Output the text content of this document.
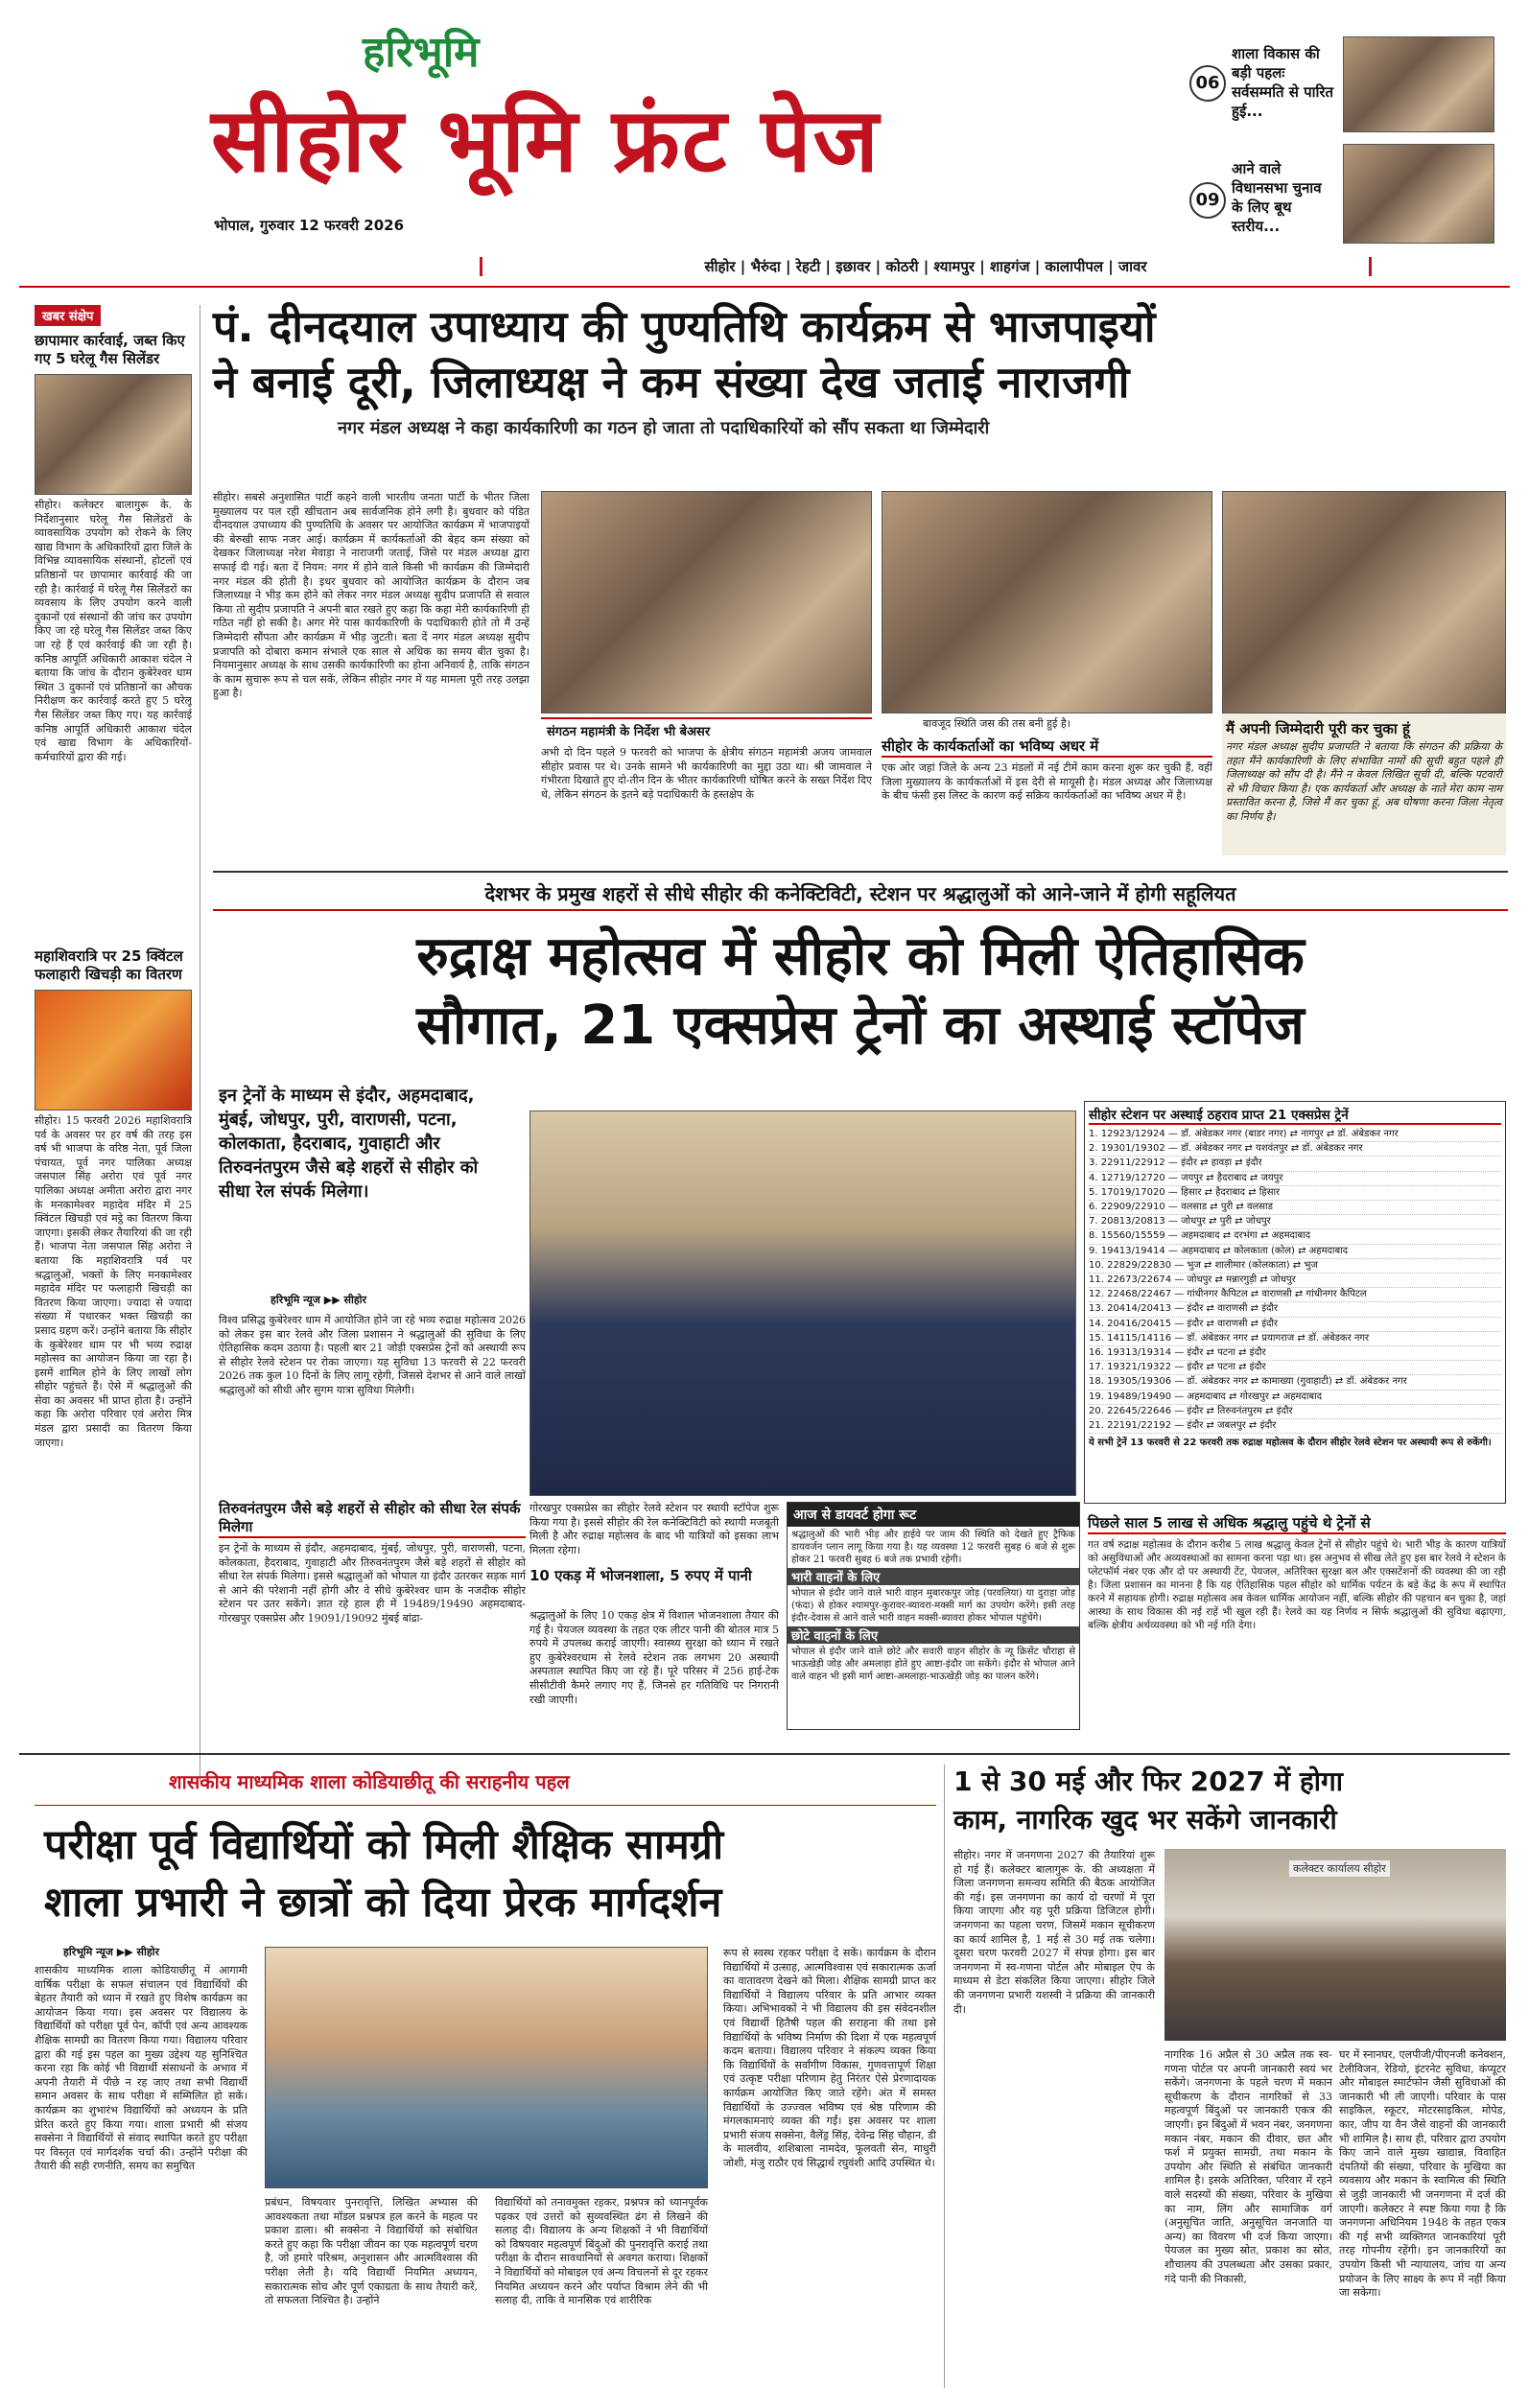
हरिभूमि
सीहोर भूमि फ्रंट पेज
भोपाल, गुरुवार 12 फरवरी 2026
सीहोर | भैरुंदा | रेहटी | इछावर | कोठरी | श्यामपुर | शाहगंज | कालापीपल | जावर
06
शाला विकास की बड़ी पहलः सर्वसम्मति से पारित हुई...
09
आने वाले विधानसभा चुनाव के लिए बूथ स्तरीय...
खबर संक्षेप
छापामार कार्रवाई, जब्त किए गए 5 घरेलू गैस सिलेंडर
सीहोर। कलेक्टर बालागुरू के. के निर्देशानुसार घरेलू गैस सिलेंडरों के व्यावसायिक उपयोग को रोकने के लिए खाद्य विभाग के अधिकारियों द्वारा जिले के विभिन्न व्यावसायिक संस्थानों, होटलों एवं प्रतिष्ठानों पर छापामार कार्रवाई की जा रही है। कार्रवाई में घरेलू गैस सिलेंडरों का व्यवसाय के लिए उपयोग करने वाली दुकानों एवं संस्थानों की जांच कर उपयोग किए जा रहे घरेलू गैस सिलेंडर जब्त किए जा रहे हैं एवं कार्रवाई की जा रही है। कनिष्ठ आपूर्ति अधिकारी आकाश चंदेल ने बताया कि जांच के दौरान कुबेरेश्वर धाम स्थित 3 दुकानों एवं प्रतिष्ठानों का औचक निरीक्षण कर कार्रवाई करते हुए 5 घरेलू गैस सिलेंडर जब्त किए गए। यह कार्रवाई कनिष्ठ आपूर्ति अधिकारी आकाश चंदेल एवं खाद्य विभाग के अधिकारियों-कर्मचारियों द्वारा की गई।
महाशिवरात्रि पर 25 क्विंटल फलाहारी खिचड़ी का वितरण
सीहोर। 15 फरवरी 2026 महाशिवरात्रि पर्व के अवसर पर हर वर्ष की तरह इस वर्ष भी भाजपा के वरिष्ठ नेता, पूर्व जिला पंचायत, पूर्व नगर पालिका अध्यक्ष जसपाल सिंह अरोरा एवं पूर्व नगर पालिका अध्यक्ष अमीता अरोरा द्वारा नगर के मनकामेश्वर महादेव मंदिर में 25 क्विंटल खिचड़ी एवं मट्ठे का वितरण किया जाएगा। इसकी लेकर तैयारियां की जा रही हैं। भाजपा नेता जसपाल सिंह अरोरा ने बताया कि महाशिवरात्रि पर्व पर श्रद्धालुओं, भक्तों के लिए मनकामेश्वर महादेव मंदिर पर फलाहारी खिचड़ी का वितरण किया जाएगा। ज्यादा से ज्यादा संख्या में पधारकर भक्त खिचड़ी का प्रसाद ग्रहण करें। उन्होंने बताया कि सीहोर के कुबेरेश्वर धाम पर भी भव्य रुद्राक्ष महोत्सव का आयोजन किया जा रहा है। इसमें शामिल होने के लिए लाखों लोग सीहोर पहुंचते हैं। ऐसे में श्रद्धालुओं की सेवा का अवसर भी प्राप्त होता है। उन्होंने कहा कि अरोरा परिवार एवं अरोरा मित्र मंडल द्वारा प्रसादी का वितरण किया जाएगा।
पं. दीनदयाल उपाध्याय की पुण्यतिथि कार्यक्रम से भाजपाइयों
ने बनाई दूरी, जिलाध्यक्ष ने कम संख्या देख जताई नाराजगी
नगर मंडल अध्यक्ष ने कहा कार्यकारिणी का गठन हो जाता तो पदाधिकारियों को सौंप सकता था जिम्मेदारी
सीहोर। सबसे अनुशासित पार्टी कहने वाली भारतीय जनता पार्टी के भीतर जिला मुख्यालय पर पल रही खींचतान अब सार्वजनिक होने लगी है। बुधवार को पंडित दीनदयाल उपाध्याय की पुण्यतिथि के अवसर पर आयोजित कार्यक्रम में भाजपाइयों की बेरुखी साफ नजर आई। कार्यक्रम में कार्यकर्ताओं की बेहद कम संख्या को देखकर जिलाध्यक्ष नरेश मेवाड़ा ने नाराजगी जताई, जिसे पर मंडल अध्यक्ष द्वारा सफाई दी गई। बता दें नियम: नगर में होने वाले किसी भी कार्यक्रम की जिम्मेदारी नगर मंडल की होती है। इधर बुधवार को आयोजित कार्यक्रम के दौरान जब जिलाध्यक्ष ने भीड़ कम होने को लेकर नगर मंडल अध्यक्ष सुदीप प्रजापति से सवाल किया तो सुदीप प्रजापति ने अपनी बात रखते हुए कहा कि कहा मेरी कार्यकारिणी ही गठित नहीं हो सकी है। अगर मेरे पास कार्यकारिणी के पदाधिकारी होते तो मैं उन्हें जिम्मेदारी सौंपता और कार्यक्रम में भीड़ जुटती। बता दें नगर मंडल अध्यक्ष सुदीप प्रजापति को दोबारा कमान संभाले एक साल से अधिक का समय बीत चुका है। नियमानुसार अध्यक्ष के साथ उसकी कार्यकारिणी का होना अनिवार्य है, ताकि संगठन के काम सुचारू रूप से चल सकें, लेकिन सीहोर नगर में यह मामला पूरी तरह उलझा हुआ है।
संगठन महामंत्री के निर्देश भी बेअसर
अभी दो दिन पहले 9 फरवरी को भाजपा के क्षेत्रीय संगठन महामंत्री अजय जामवाल सीहोर प्रवास पर थे। उनके सामने भी कार्यकारिणी का मुद्दा उठा था। श्री जामवाल ने गंभीरता दिखाते हुए दो-तीन दिन के भीतर कार्यकारिणी घोषित करने के सख्त निर्देश दिए थे, लेकिन संगठन के इतने बड़े पदाधिकारी के हस्तक्षेप के
बावजूद स्थिति जस की तस बनी हुई है।
सीहोर के कार्यकर्ताओं का भविष्य अधर में
एक ओर जहां जिले के अन्य 23 मंडलों में नई टीमें काम करना शुरू कर चुकी हैं, वहीं जिला मुख्यालय के कार्यकर्ताओं में इस देरी से मायूसी है। मंडल अध्यक्ष और जिलाध्यक्ष के बीच फंसी इस लिस्ट के कारण कई सक्रिय कार्यकर्ताओं का भविष्य अधर में है।
मैं अपनी जिम्मेदारी पूरी कर चुका हूं
नगर मंडल अध्यक्ष सुदीप प्रजापति ने बताया कि संगठन की प्रक्रिया के तहत मैंने कार्यकारिणी के लिए संभावित नामों की सूची बहुत पहले ही जिलाध्यक्ष को सौंप दी है। मैंने न केवल लिखित सूची दी, बल्कि पटवारी से भी विचार किया है। एक कार्यकर्ता और अध्यक्ष के नाते मेरा काम नाम प्रस्तावित करना है, जिसे मैं कर चुका हूं, अब घोषणा करना जिला नेतृत्व का निर्णय है।
देशभर के प्रमुख शहरों से सीधे सीहोर की कनेक्टिविटी, स्टेशन पर श्रद्धालुओं को आने-जाने में होगी सहूलियत
रुद्राक्ष महोत्सव में सीहोर को मिली ऐतिहासिक
सौगात, 21 एक्सप्रेस ट्रेनों का अस्थाई स्टॉपेज
इन ट्रेनों के माध्यम से इंदौर, अहमदाबाद, मुंबई, जोधपुर, पुरी, वाराणसी, पटना, कोलकाता, हैदराबाद, गुवाहाटी और तिरुवनंतपुरम जैसे बड़े शहरों से सीहोर को सीधा रेल संपर्क मिलेगा।
हरिभूमि न्यूज ▶▶ सीहोर
विश्व प्रसिद्ध कुबेरेश्वर धाम में आयोजित होने जा रहे भव्य रुद्राक्ष महोत्सव 2026 को लेकर इस बार रेलवे और जिला प्रशासन ने श्रद्धालुओं की सुविधा के लिए ऐतिहासिक कदम उठाया है। पहली बार 21 जोड़ी एक्सप्रेस ट्रेनों को अस्थायी रूप से सीहोर रेलवे स्टेशन पर रोका जाएगा। यह सुविधा 13 फरवरी से 22 फरवरी 2026 तक कुल 10 दिनों के लिए लागू रहेगी, जिससे देशभर से आने वाले लाखों श्रद्धालुओं को सीधी और सुगम यात्रा सुविधा मिलेगी।
तिरुवनंतपुरम जैसे बड़े शहरों से सीहोर को सीधा रेल संपर्क मिलेगा
इन ट्रेनों के माध्यम से इंदौर, अहमदाबाद, मुंबई, जोधपुर, पुरी, वाराणसी, पटना, कोलकाता, हैदराबाद, गुवाहाटी और तिरुवनंतपुरम जैसे बड़े शहरों से सीहोर को सीधा रेल संपर्क मिलेगा। इससे श्रद्धालुओं को भोपाल या इंदौर उतरकर सड़क मार्ग से आने की परेशानी नहीं होगी और वे सीधे कुबेरेश्वर धाम के नजदीक सीहोर स्टेशन पर उतर सकेंगे। ज्ञात रहे हाल ही में 19489/19490 अहमदाबाद-गोरखपुर एक्सप्रेस और 19091/19092 मुंबई बांद्रा-
गोरखपुर एक्सप्रेस का सीहोर रेलवे स्टेशन पर स्थायी स्टॉपेज शुरू किया गया है। इससे सीहोर की रेल कनेक्टिविटी को स्थायी मजबूती मिली है और रुद्राक्ष महोत्सव के बाद भी यात्रियों को इसका लाभ मिलता रहेगा।
10 एकड़ में भोजनशाला, 5 रुपए में पानी
श्रद्धालुओं के लिए 10 एकड़ क्षेत्र में विशाल भोजनशाला तैयार की गई है। पेयजल व्यवस्था के तहत एक लीटर पानी की बोतल मात्र 5 रुपये में उपलब्ध कराई जाएगी। स्वास्थ्य सुरक्षा को ध्यान में रखते हुए कुबेरेश्वरधाम से रेलवे स्टेशन तक लगभग 20 अस्थायी अस्पताल स्थापित किए जा रहे हैं। पूरे परिसर में 256 हाई-टेक सीसीटीवी कैमरे लगाए गए हैं, जिनसे हर गतिविधि पर निगरानी रखी जाएगी।
आज से डायवर्ट होगा रूट
श्रद्धालुओं की भारी भीड़ और हाईवे पर जाम की स्थिति को देखते हुए ट्रैफिक डायवर्जन प्लान लागू किया गया है। यह व्यवस्था 12 फरवरी सुबह 6 बजे से शुरू होकर 21 फरवरी सुबह 6 बजे तक प्रभावी रहेगी।
भारी वाहनों के लिए
भोपाल से इंदौर जाने वाले भारी वाहन मुबारकपुर जोड़ (परवलिया) या दुराहा जोड़ (फंदा) से होकर श्यामपुर-कुरावर-ब्यावरा-मक्सी मार्ग का उपयोग करेंगे। इसी तरह इंदौर-देवास से आने वाले भारी वाहन मक्सी-ब्यावरा होकर भोपाल पहुंचेंगे।
छोटे वाहनों के लिए
भोपाल से इंदौर जाने वाले छोटे और सवारी वाहन सीहोर के न्यू क्रिसेंट चौराहा से भाऊखेड़ी जोड़ और अमलाहा होते हुए आष्टा-इंदौर जा सकेंगे। इंदौर से भोपाल आने वाले वाहन भी इसी मार्ग आष्टा-अमलाहा-भाऊखेड़ी जोड़ का पालन करेंगे।
सीहोर स्टेशन पर अस्थाई ठहराव प्राप्त 21 एक्सप्रेस ट्रेनें
1. 12923/12924 — डॉ. अंबेडकर नगर (बाडर नगर) ⇄ नागपुर ⇄ डॉ. अंबेडकर नगर
2. 19301/19302 — डॉ. अंबेडकर नगर ⇄ यशवंतपुर ⇄ डॉ. अंबेडकर नगर
3. 22911/22912 — इंदौर ⇄ हावड़ा ⇄ इंदौर
4. 12719/12720 — जयपुर ⇄ हैदराबाद ⇄ जयपुर
5. 17019/17020 — हिसार ⇄ हैदराबाद ⇄ हिसार
6. 22909/22910 — वलसाड ⇄ पुरी ⇄ वलसाड
7. 20813/20813 — जोधपुर ⇄ पुरी ⇄ जोधपुर
8. 15560/15559 — अहमदाबाद ⇄ दरभंगा ⇄ अहमदाबाद
9. 19413/19414 — अहमदाबाद ⇄ कोलकाता (कोल) ⇄ अहमदाबाद
10. 22829/22830 — भुज ⇄ शालीमार (कोलकाता) ⇄ भुज
11. 22673/22674 — जोधपुर ⇄ मन्नारगुड़ी ⇄ जोधपुर
12. 22468/22467 — गांधीनगर कैपिटल ⇄ वाराणसी ⇄ गांधीनगर कैपिटल
13. 20414/20413 — इंदौर ⇄ वाराणसी ⇄ इंदौर
14. 20416/20415 — इंदौर ⇄ वाराणसी ⇄ इंदौर
15. 14115/14116 — डॉ. अंबेडकर नगर ⇄ प्रयागराज ⇄ डॉ. अंबेडकर नगर
16. 19313/19314 — इंदौर ⇄ पटना ⇄ इंदौर
17. 19321/19322 — इंदौर ⇄ पटना ⇄ इंदौर
18. 19305/19306 — डॉ. अंबेडकर नगर ⇄ कामाख्या (गुवाहाटी) ⇄ डॉ. अंबेडकर नगर
19. 19489/19490 — अहमदाबाद ⇄ गोरखपुर ⇄ अहमदाबाद
20. 22645/22646 — इंदौर ⇄ तिरुवनंतपुरम ⇄ इंदौर
21. 22191/22192 — इंदौर ⇄ जबलपुर ⇄ इंदौर
ये सभी ट्रेनें 13 फरवरी से 22 फरवरी तक रुद्राक्ष महोत्सव के दौरान सीहोर रेलवे स्टेशन पर अस्थायी रूप से रुकेंगी।
पिछले साल 5 लाख से अधिक श्रद्धालु पहुंचे थे ट्रेनों से
गत वर्ष रुद्राक्ष महोत्सव के दौरान करीब 5 लाख श्रद्धालु केवल ट्रेनों से सीहोर पहुंचे थे। भारी भीड़ के कारण यात्रियों को असुविधाओं और अव्यवस्थाओं का सामना करना पड़ा था। इस अनुभव से सीख लेते हुए इस बार रेलवे ने स्टेशन के प्लेटफॉर्म नंबर एक और दो पर अस्थायी टेंट, पेयजल, अतिरिक्त सुरक्षा बल और एक्सटेंशनों की व्यवस्था की जा रही है। जिला प्रशासन का मानना है कि यह ऐतिहासिक पहल सीहोर को धार्मिक पर्यटन के बड़े केंद्र के रूप में स्थापित करने में सहायक होगी। रुद्राक्ष महोत्सव अब केवल धार्मिक आयोजन नहीं, बल्कि सीहोर की पहचान बन चुका है, जहां आस्था के साथ विकास की नई राहें भी खुल रही हैं। रेलवे का यह निर्णय न सिर्फ श्रद्धालुओं की सुविधा बढ़ाएगा, बल्कि क्षेत्रीय अर्थव्यवस्था को भी नई गति देगा।
शासकीय माध्यमिक शाला कोडियाछीतू की सराहनीय पहल
परीक्षा पूर्व विद्यार्थियों को मिली शैक्षिक सामग्री
शाला प्रभारी ने छात्रों को दिया प्रेरक मार्गदर्शन
हरिभूमि न्यूज ▶▶ सीहोर
शासकीय माध्यमिक शाला कोडियाछीतू में आगामी वार्षिक परीक्षा के सफल संचालन एवं विद्यार्थियों की बेहतर तैयारी को ध्यान में रखते हुए विशेष कार्यक्रम का आयोजन किया गया। इस अवसर पर विद्यालय के विद्यार्थियों को परीक्षा पूर्व पेन, कॉपी एवं अन्य आवश्यक शैक्षिक सामग्री का वितरण किया गया। विद्यालय परिवार द्वारा की गई इस पहल का मुख्य उद्देश्य यह सुनिश्चित करना रहा कि कोई भी विद्यार्थी संसाधनों के अभाव में अपनी तैयारी में पीछे न रह जाए तथा सभी विद्यार्थी समान अवसर के साथ परीक्षा में सम्मिलित हो सकें। कार्यक्रम का शुभारंभ विद्यार्थियों को अध्ययन के प्रति प्रेरित करते हुए किया गया। शाला प्रभारी श्री संजय सक्सेना ने विद्यार्थियों से संवाद स्थापित करते हुए परीक्षा पर विस्तृत एवं मार्गदर्शक चर्चा की। उन्होंने परीक्षा की तैयारी की सही रणनीति, समय का समुचित
प्रबंधन, विषयवार पुनरावृत्ति, लिखित अभ्यास की आवश्यकता तथा मॉडल प्रश्नपत्र हल करने के महत्व पर प्रकाश डाला। श्री सक्सेना ने विद्यार्थियों को संबोधित करते हुए कहा कि परीक्षा जीवन का एक महत्वपूर्ण चरण है, जो हमारे परिश्रम, अनुशासन और आत्मविश्वास की परीक्षा लेती है। यदि विद्यार्थी नियमित अध्ययन, सकारात्मक सोच और पूर्ण एकाग्रता के साथ तैयारी करें, तो सफलता निश्चित है। उन्होंने
विद्यार्थियों को तनावमुक्त रहकर, प्रश्नपत्र को ध्यानपूर्वक पढ़कर एवं उत्तरों को सुव्यवस्थित ढंग से लिखने की सलाह दी। विद्यालय के अन्य शिक्षकों ने भी विद्यार्थियों को विषयवार महत्वपूर्ण बिंदुओं की पुनरावृत्ति कराई तथा परीक्षा के दौरान सावधानियों से अवगत कराया। शिक्षकों ने विद्यार्थियों को मोबाइल एवं अन्य विचलनों से दूर रहकर नियमित अध्ययन करने और पर्याप्त विश्राम लेने की भी सलाह दी, ताकि वे मानसिक एवं शारीरिक
रूप से स्वस्थ रहकर परीक्षा दे सकें। कार्यक्रम के दौरान विद्यार्थियों में उत्साह, आत्मविश्वास एवं सकारात्मक ऊर्जा का वातावरण देखने को मिला। शैक्षिक सामग्री प्राप्त कर विद्यार्थियों ने विद्यालय परिवार के प्रति आभार व्यक्त किया। अभिभावकों ने भी विद्यालय की इस संवेदनशील एवं विद्यार्थी हितैषी पहल की सराहना की तथा इसे विद्यार्थियों के भविष्य निर्माण की दिशा में एक महत्वपूर्ण कदम बताया। विद्यालय परिवार ने संकल्प व्यक्त किया कि विद्यार्थियों के सर्वांगीण विकास, गुणवत्तापूर्ण शिक्षा एवं उत्कृष्ट परीक्षा परिणाम हेतु निरंतर ऐसे प्रेरणादायक कार्यक्रम आयोजित किए जाते रहेंगे। अंत में समस्त विद्यार्थियों के उज्ज्वल भविष्य एवं श्रेष्ठ परिणाम की मंगलकामनाएं व्यक्त की गईं। इस अवसर पर शाला प्रभारी संजय सक्सेना, वैलेंड्र सिंह, देवेन्द्र सिंह चौहान, डी के मालवीय, शशिबाला नामदेव, फूलवती सेन, माधुरी जोशी, मंजु राठौर एवं सिद्धार्थ रघुवंशी आदि उपस्थित थे।
1 से 30 मई और फिर 2027 में होगा
काम, नागरिक खुद भर सकेंगे जानकारी
सीहोर। नगर में जनगणना 2027 की तैयारियां शुरू हो गई हैं। कलेक्टर बालागुरू के. की अध्यक्षता में जिला जनगणना समन्वय समिति की बैठक आयोजित की गई। इस जनगणना का कार्य दो चरणों में पूरा किया जाएगा और यह पूरी प्रक्रिया डिजिटल होगी। जनगणना का पहला चरण, जिसमें मकान सूचीकरण का कार्य शामिल है, 1 मई से 30 मई तक चलेगा। दूसरा चरण फरवरी 2027 में संपन्न होगा। इस बार जनगणना में स्व-गणना पोर्टल और मोबाइल ऐप के माध्यम से डेटा संकलित किया जाएगा। सीहोर जिले की जनगणना प्रभारी यशस्वी ने प्रक्रिया की जानकारी दी।
कलेक्टर कार्यालय सीहोर
नागरिक 16 अप्रैल से 30 अप्रैल तक स्व-गणना पोर्टल पर अपनी जानकारी स्वयं भर सकेंगे। जनगणना के पहले चरण में मकान सूचीकरण के दौरान नागरिकों से 33 महत्वपूर्ण बिंदुओं पर जानकारी एकत्र की जाएगी। इन बिंदुओं में भवन नंबर, जनगणना मकान नंबर, मकान की दीवार, छत और फर्श में प्रयुक्त सामग्री, तथा मकान के उपयोग और स्थिति से संबंधित जानकारी शामिल है। इसके अतिरिक्त, परिवार में रहने वाले सदस्यों की संख्या, परिवार के मुखिया का नाम, लिंग और सामाजिक वर्ग (अनुसूचित जाति, अनुसूचित जनजाति या अन्य) का विवरण भी दर्ज किया जाएगा। पेयजल का मुख्य स्रोत, प्रकाश का स्रोत, शौचालय की उपलब्धता और उसका प्रकार, गंदे पानी की निकासी,
घर में स्नानघर, एलपीजी/पीएनजी कनेक्शन, टेलीविजन, रेडियो, इंटरनेट सुविधा, कंप्यूटर और मोबाइल स्मार्टफोन जैसी सुविधाओं की जानकारी भी ली जाएगी। परिवार के पास साइकिल, स्कूटर, मोटरसाइकिल, मोपेड, कार, जीप या वैन जैसे वाहनों की जानकारी भी शामिल है। साथ ही, परिवार द्वारा उपयोग किए जाने वाले मुख्य खाद्यान्न, विवाहित दंपतियों की संख्या, परिवार के मुखिया का व्यवसाय और मकान के स्वामित्व की स्थिति से जुड़ी जानकारी भी जनगणना में दर्ज की जाएगी। कलेक्टर ने स्पष्ट किया गया है कि जनगणना अधिनियम 1948 के तहत एकत्र की गई सभी व्यक्तिगत जानकारियां पूरी तरह गोपनीय रहेंगी। इन जानकारियों का उपयोग किसी भी न्यायालय, जांच या अन्य प्रयोजन के लिए साक्ष्य के रूप में नहीं किया जा सकेगा।
